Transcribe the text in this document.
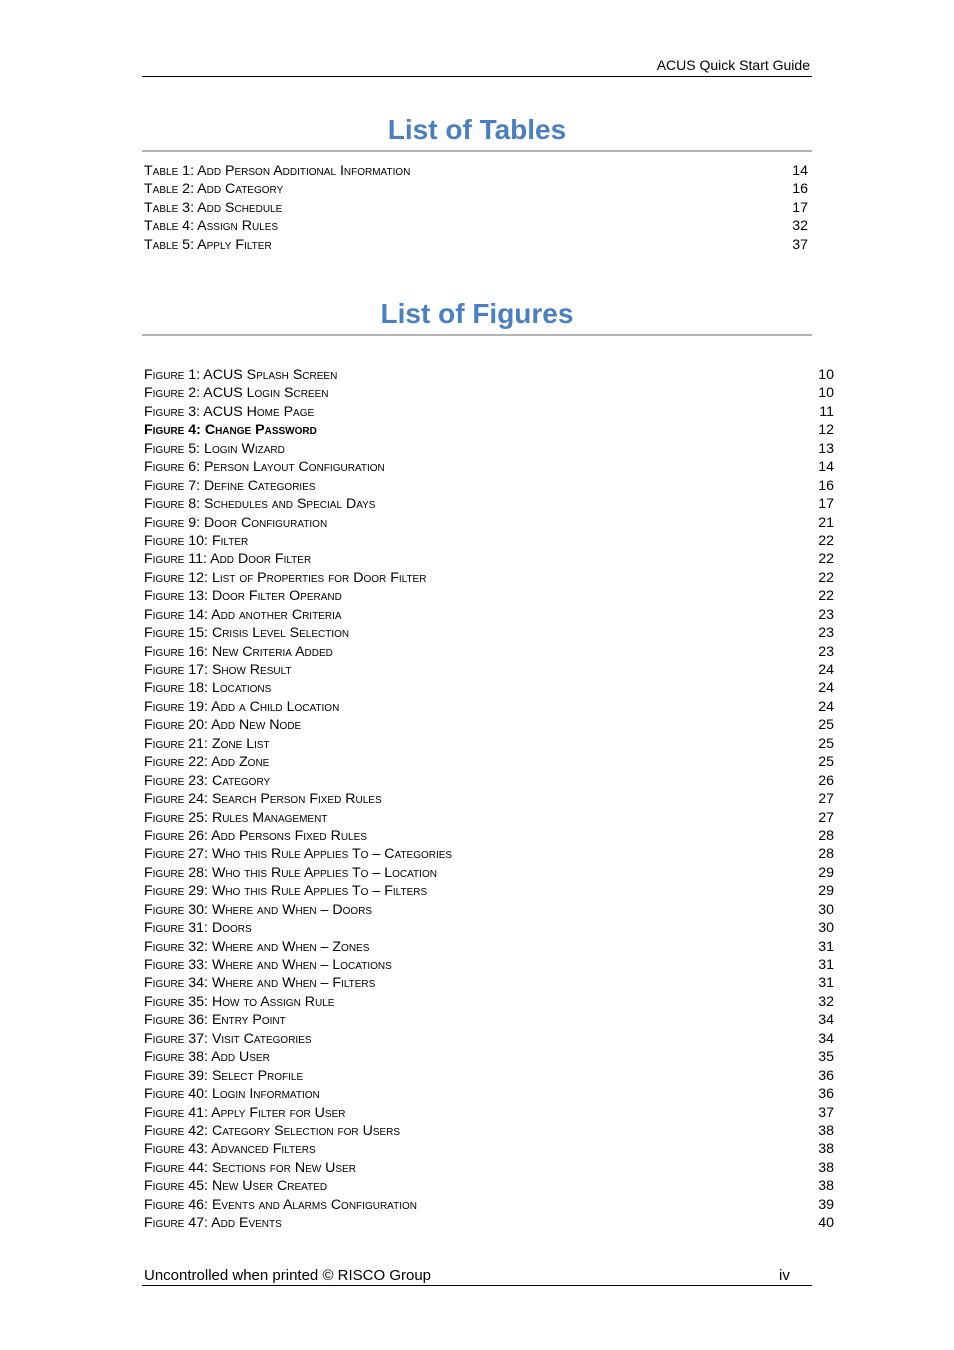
ACUS Quick Start Guide
List of Tables
Table 1: Add Person Additional Information	14
Table 2: Add Category	16
Table 3: Add Schedule	17
Table 4: Assign Rules	32
Table 5: Apply Filter	37
List of Figures
Figure 1: ACUS Splash Screen	10
Figure 2: ACUS Login Screen	10
Figure 3: ACUS Home Page	11
Figure 4: Change Password	12
Figure 5: Login Wizard	13
Figure 6: Person Layout Configuration	14
Figure 7: Define Categories	16
Figure 8: Schedules and Special Days	17
Figure 9: Door Configuration	21
Figure 10: Filter	22
Figure 11: Add Door Filter	22
Figure 12: List of Properties for Door Filter	22
Figure 13: Door Filter Operand	22
Figure 14: Add another Criteria	23
Figure 15: Crisis Level Selection	23
Figure 16: New Criteria Added	23
Figure 17: Show Result	24
Figure 18: Locations	24
Figure 19: Add a Child Location	24
Figure 20: Add New Node	25
Figure 21: Zone List	25
Figure 22: Add Zone	25
Figure 23: Category	26
Figure 24: Search Person Fixed Rules	27
Figure 25: Rules Management	27
Figure 26: Add Persons Fixed Rules	28
Figure 27: Who this Rule Applies To – Categories	28
Figure 28: Who this Rule Applies To – Location	29
Figure 29: Who this Rule Applies To – Filters	29
Figure 30: Where and When – Doors	30
Figure 31: Doors	30
Figure 32: Where and When – Zones	31
Figure 33: Where and When – Locations	31
Figure 34: Where and When – Filters	31
Figure 35: How to Assign Rule	32
Figure 36: Entry Point	34
Figure 37: Visit Categories	34
Figure 38: Add User	35
Figure 39: Select Profile	36
Figure 40: Login Information	36
Figure 41: Apply Filter for User	37
Figure 42: Category Selection for Users	38
Figure 43: Advanced Filters	38
Figure 44: Sections for New User	38
Figure 45: New User Created	38
Figure 46: Events and Alarms Configuration	39
Figure 47: Add Events	40
Uncontrolled when printed © RISCO Group	iv
